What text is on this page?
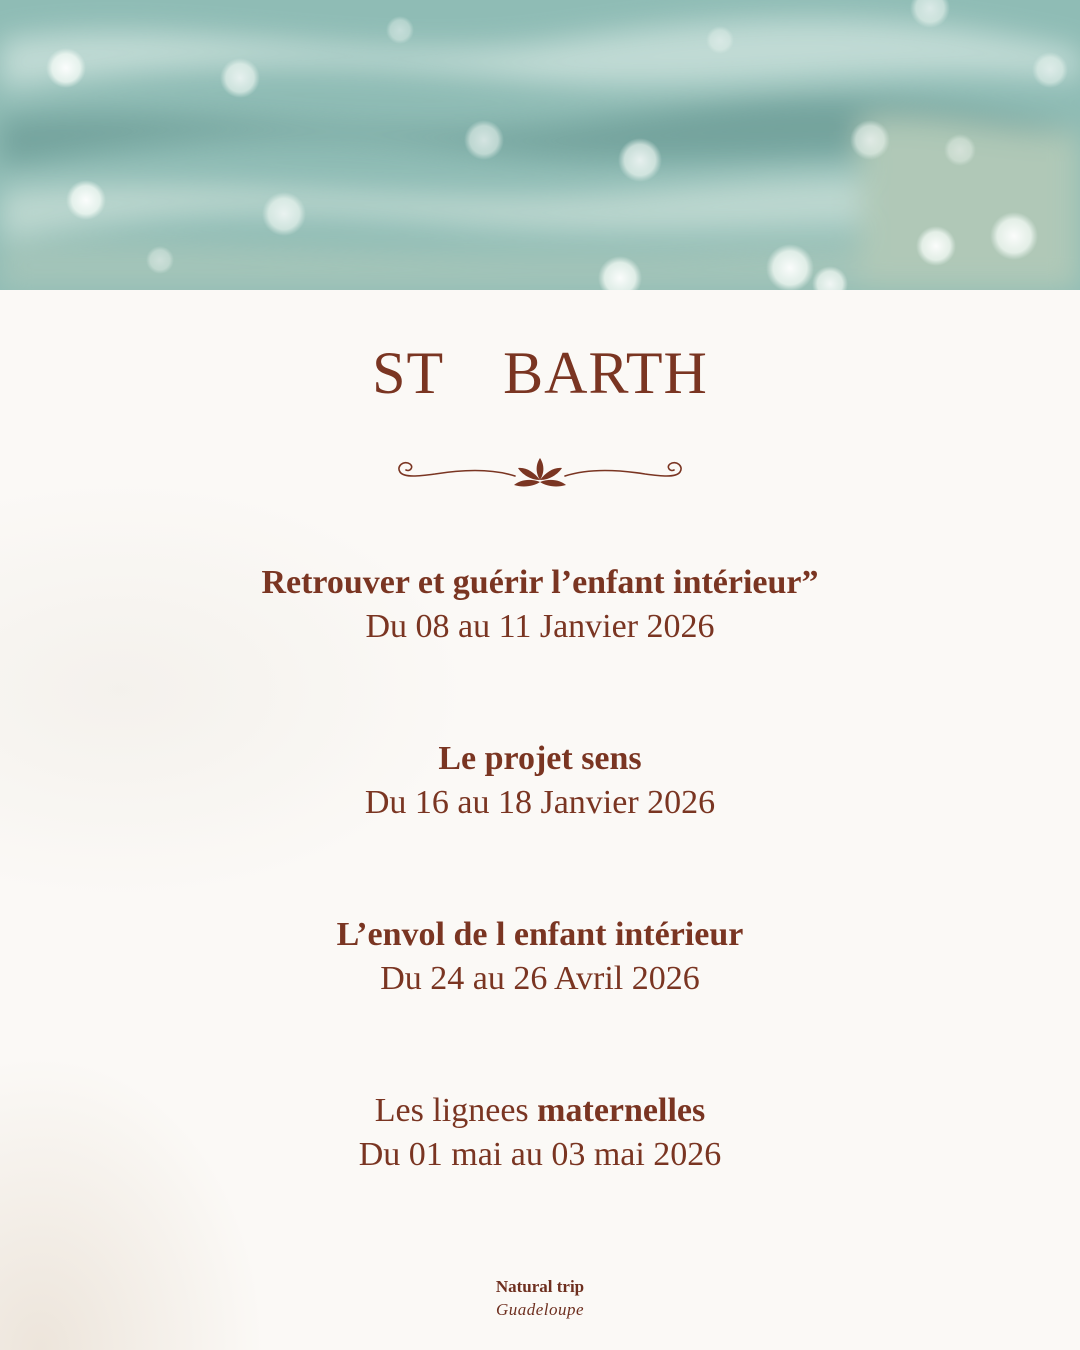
ST  BARTH
Retrouver et guérir l’enfant intérieur”
Du 08 au 11 Janvier 2026
Le projet sens
Du 16 au 18 Janvier 2026
L’envol de l enfant intérieur
Du 24 au 26 Avril 2026
Les lignees maternelles
Du 01 mai au 03 mai 2026
Natural trip
Guadeloupe
